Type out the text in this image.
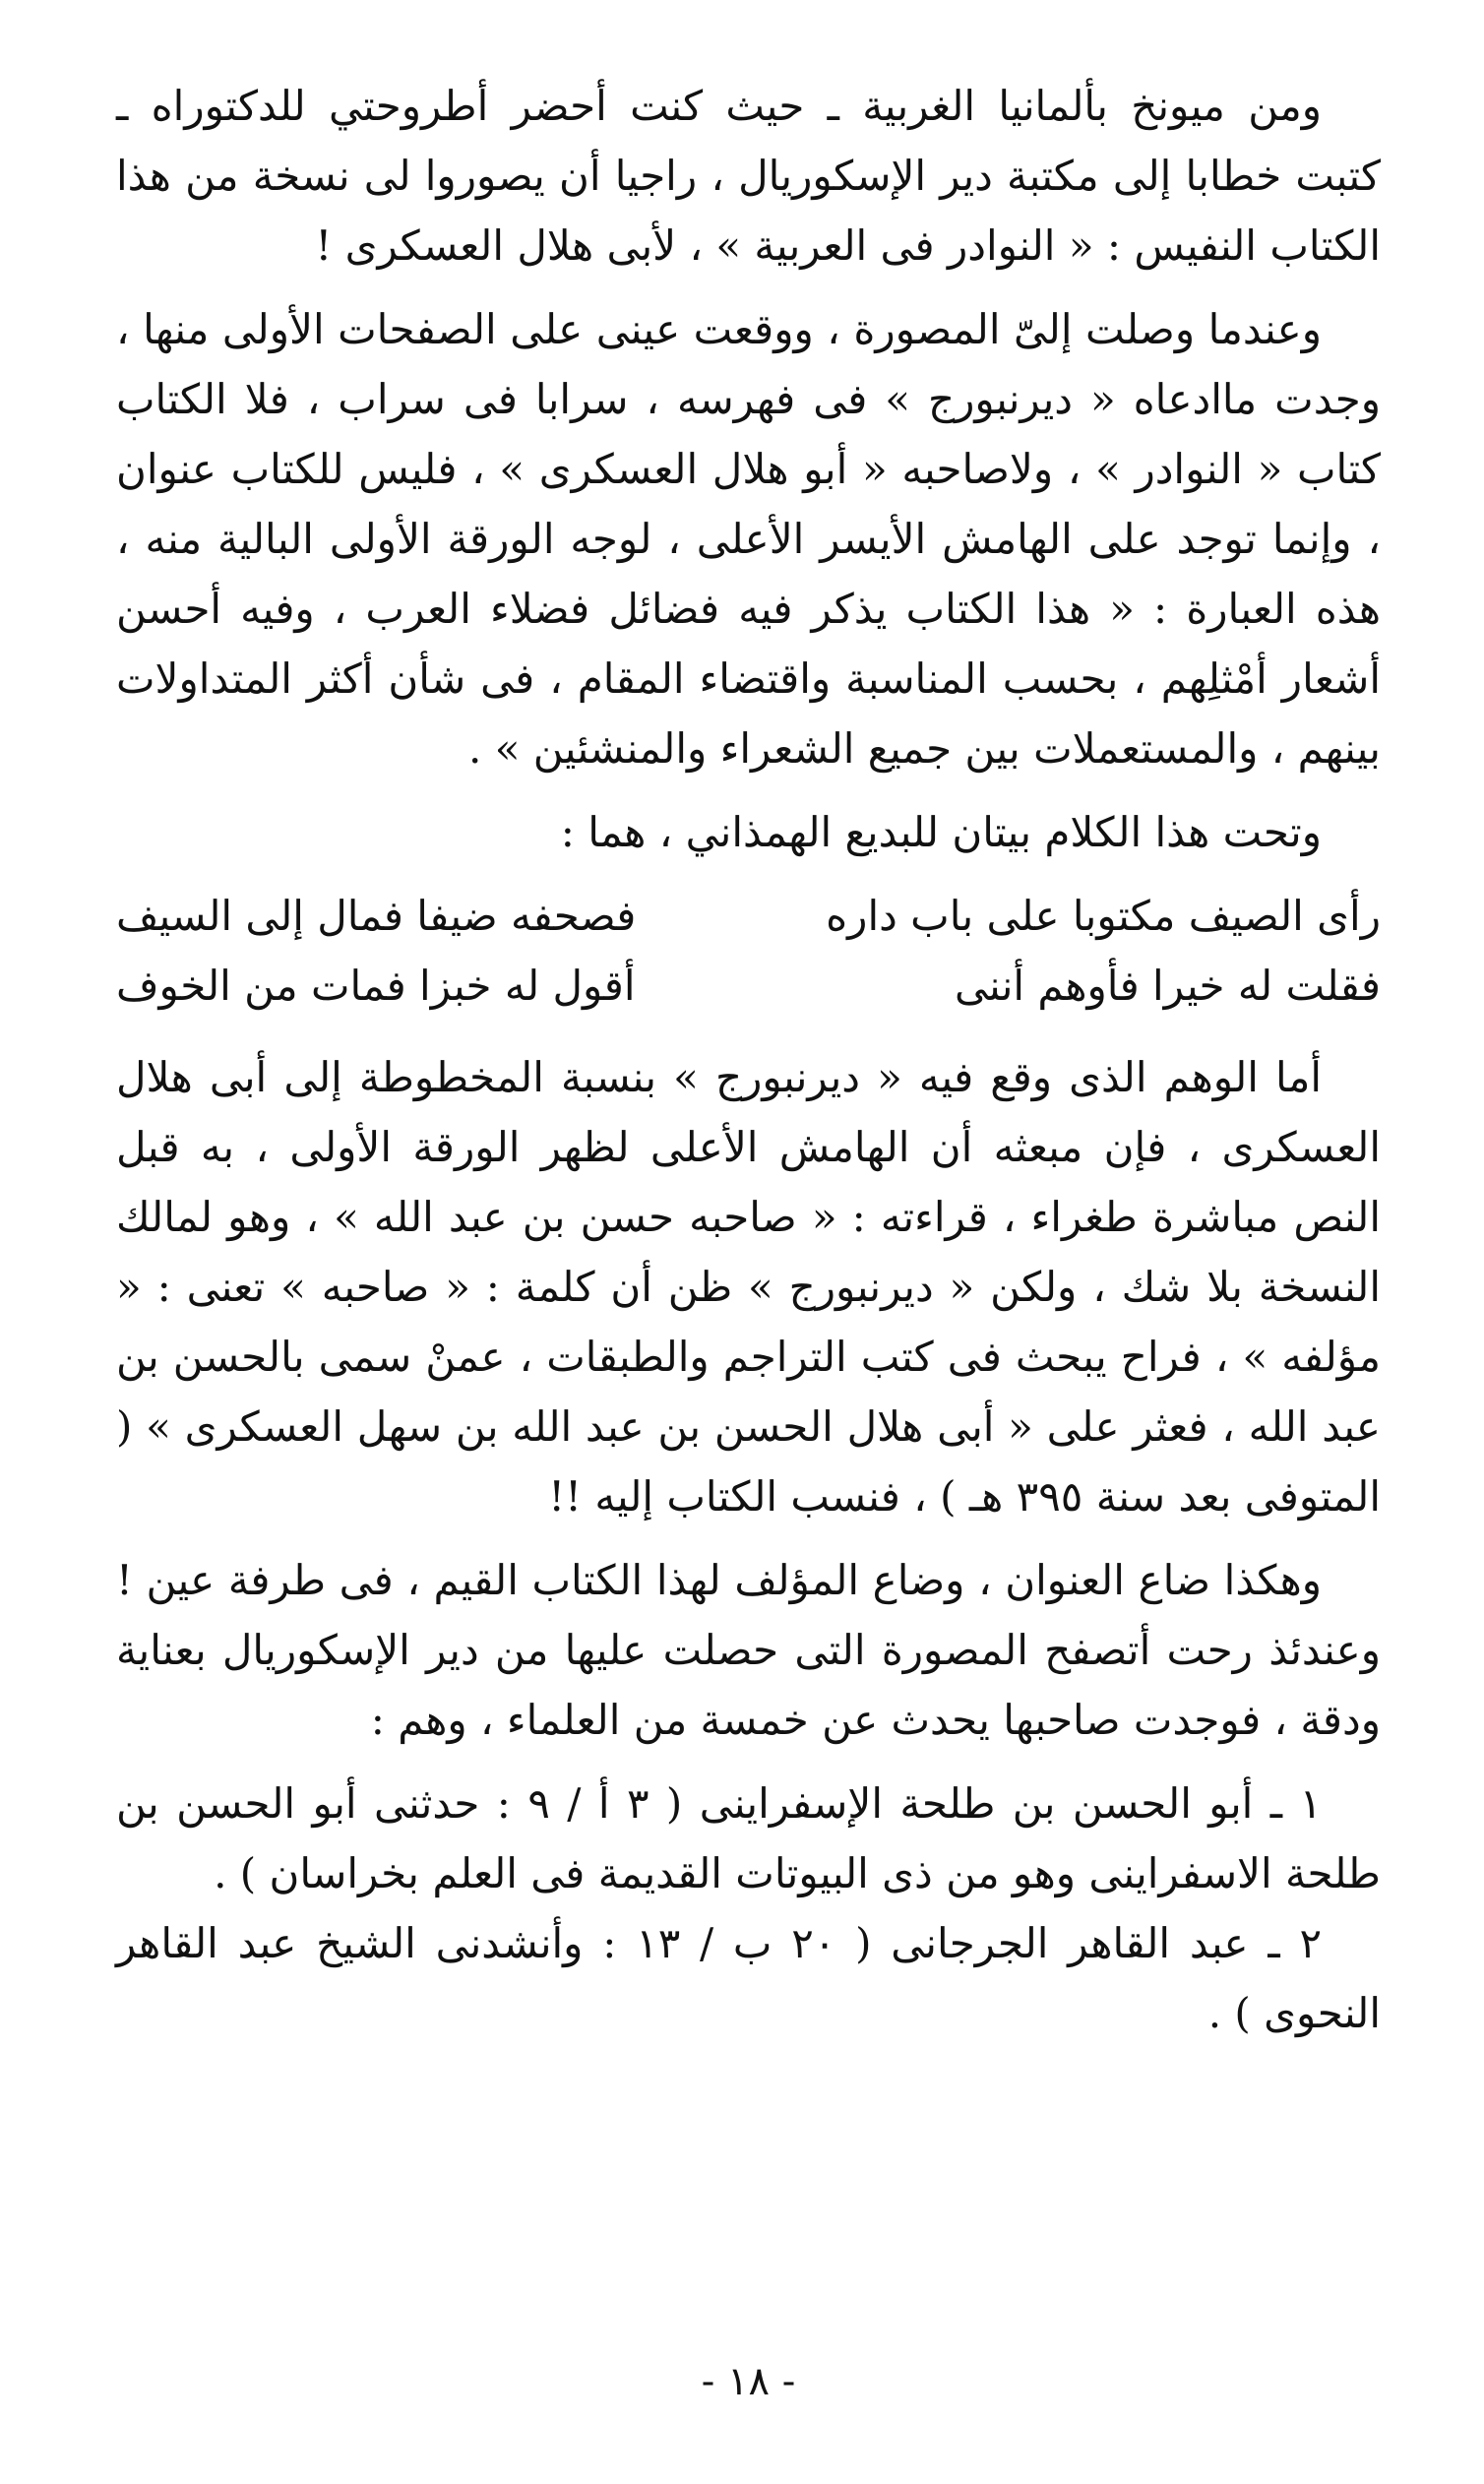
ومن ميونخ بألمانيا الغربية ـ حيث كنت أحضر أطروحتي للدكتوراه ـ كتبت خطابا إلى مكتبة دير الإسكوريال ، راجيا أن يصوروا لى نسخة من هذا الكتاب النفيس : « النوادر فى العربية » ، لأبى هلال العسكرى !

وعندما وصلت إلىّ المصورة ، ووقعت عينى على الصفحات الأولى منها ، وجدت ماادعاه « ديرنبورج » فى فهرسه ، سرابا فى سراب ، فلا الكتاب كتاب « النوادر » ، ولاصاحبه « أبو هلال العسكرى » ، فليس للكتاب عنوان ، وإنما توجد على الهامش الأيسر الأعلى ، لوجه الورقة الأولى البالية منه ، هذه العبارة : « هذا الكتاب يذكر فيه فضائل فضلاء العرب ، وفيه أحسن أشعار أمْثلِهم ، بحسب المناسبة واقتضاء المقام ، فى شأن أكثر المتداولات بينهم ، والمستعملات بين جميع الشعراء والمنشئين » .

وتحت هذا الكلام بيتان للبديع الهمذاني ، هما :

رأى الصيف مكتوبا على باب داره
فصحفه ضيفا فمال إلى السيف
فقلت له خيرا فأوهم أننى
أقول له خبزا فمات من الخوف

أما الوهم الذى وقع فيه « ديرنبورج » بنسبة المخطوطة إلى أبى هلال العسكرى ، فإن مبعثه أن الهامش الأعلى لظهر الورقة الأولى ، به قبل النص مباشرة طغراء ، قراءته : « صاحبه حسن بن عبد الله » ، وهو لمالك النسخة بلا شك ، ولكن « ديرنبورج » ظن أن كلمة : « صاحبه » تعنى : « مؤلفه » ، فراح يبحث فى كتب التراجم والطبقات ، عمنْ سمى بالحسن بن عبد الله ، فعثر على « أبى هلال الحسن بن عبد الله بن سهل العسكرى » ( المتوفى بعد سنة ٣٩٥ هـ ) ، فنسب الكتاب إليه !!

وهكذا ضاع العنوان ، وضاع المؤلف لهذا الكتاب القيم ، فى طرفة عين ! وعندئذ رحت أتصفح المصورة التى حصلت عليها من دير الإسكوريال بعناية ودقة ، فوجدت صاحبها يحدث عن خمسة من العلماء ، وهم :

١ ـ أبو الحسن بن طلحة الإسفراينى ( ٣ أ / ٩ : حدثنى أبو الحسن بن طلحة الاسفراينى وهو من ذى البيوتات القديمة فى العلم بخراسان ) .

٢ ـ عبد القاهر الجرجانى ( ٢٠ ب / ١٣ : وأنشدنى الشيخ عبد القاهر النحوى ) .

- ١٨ -
